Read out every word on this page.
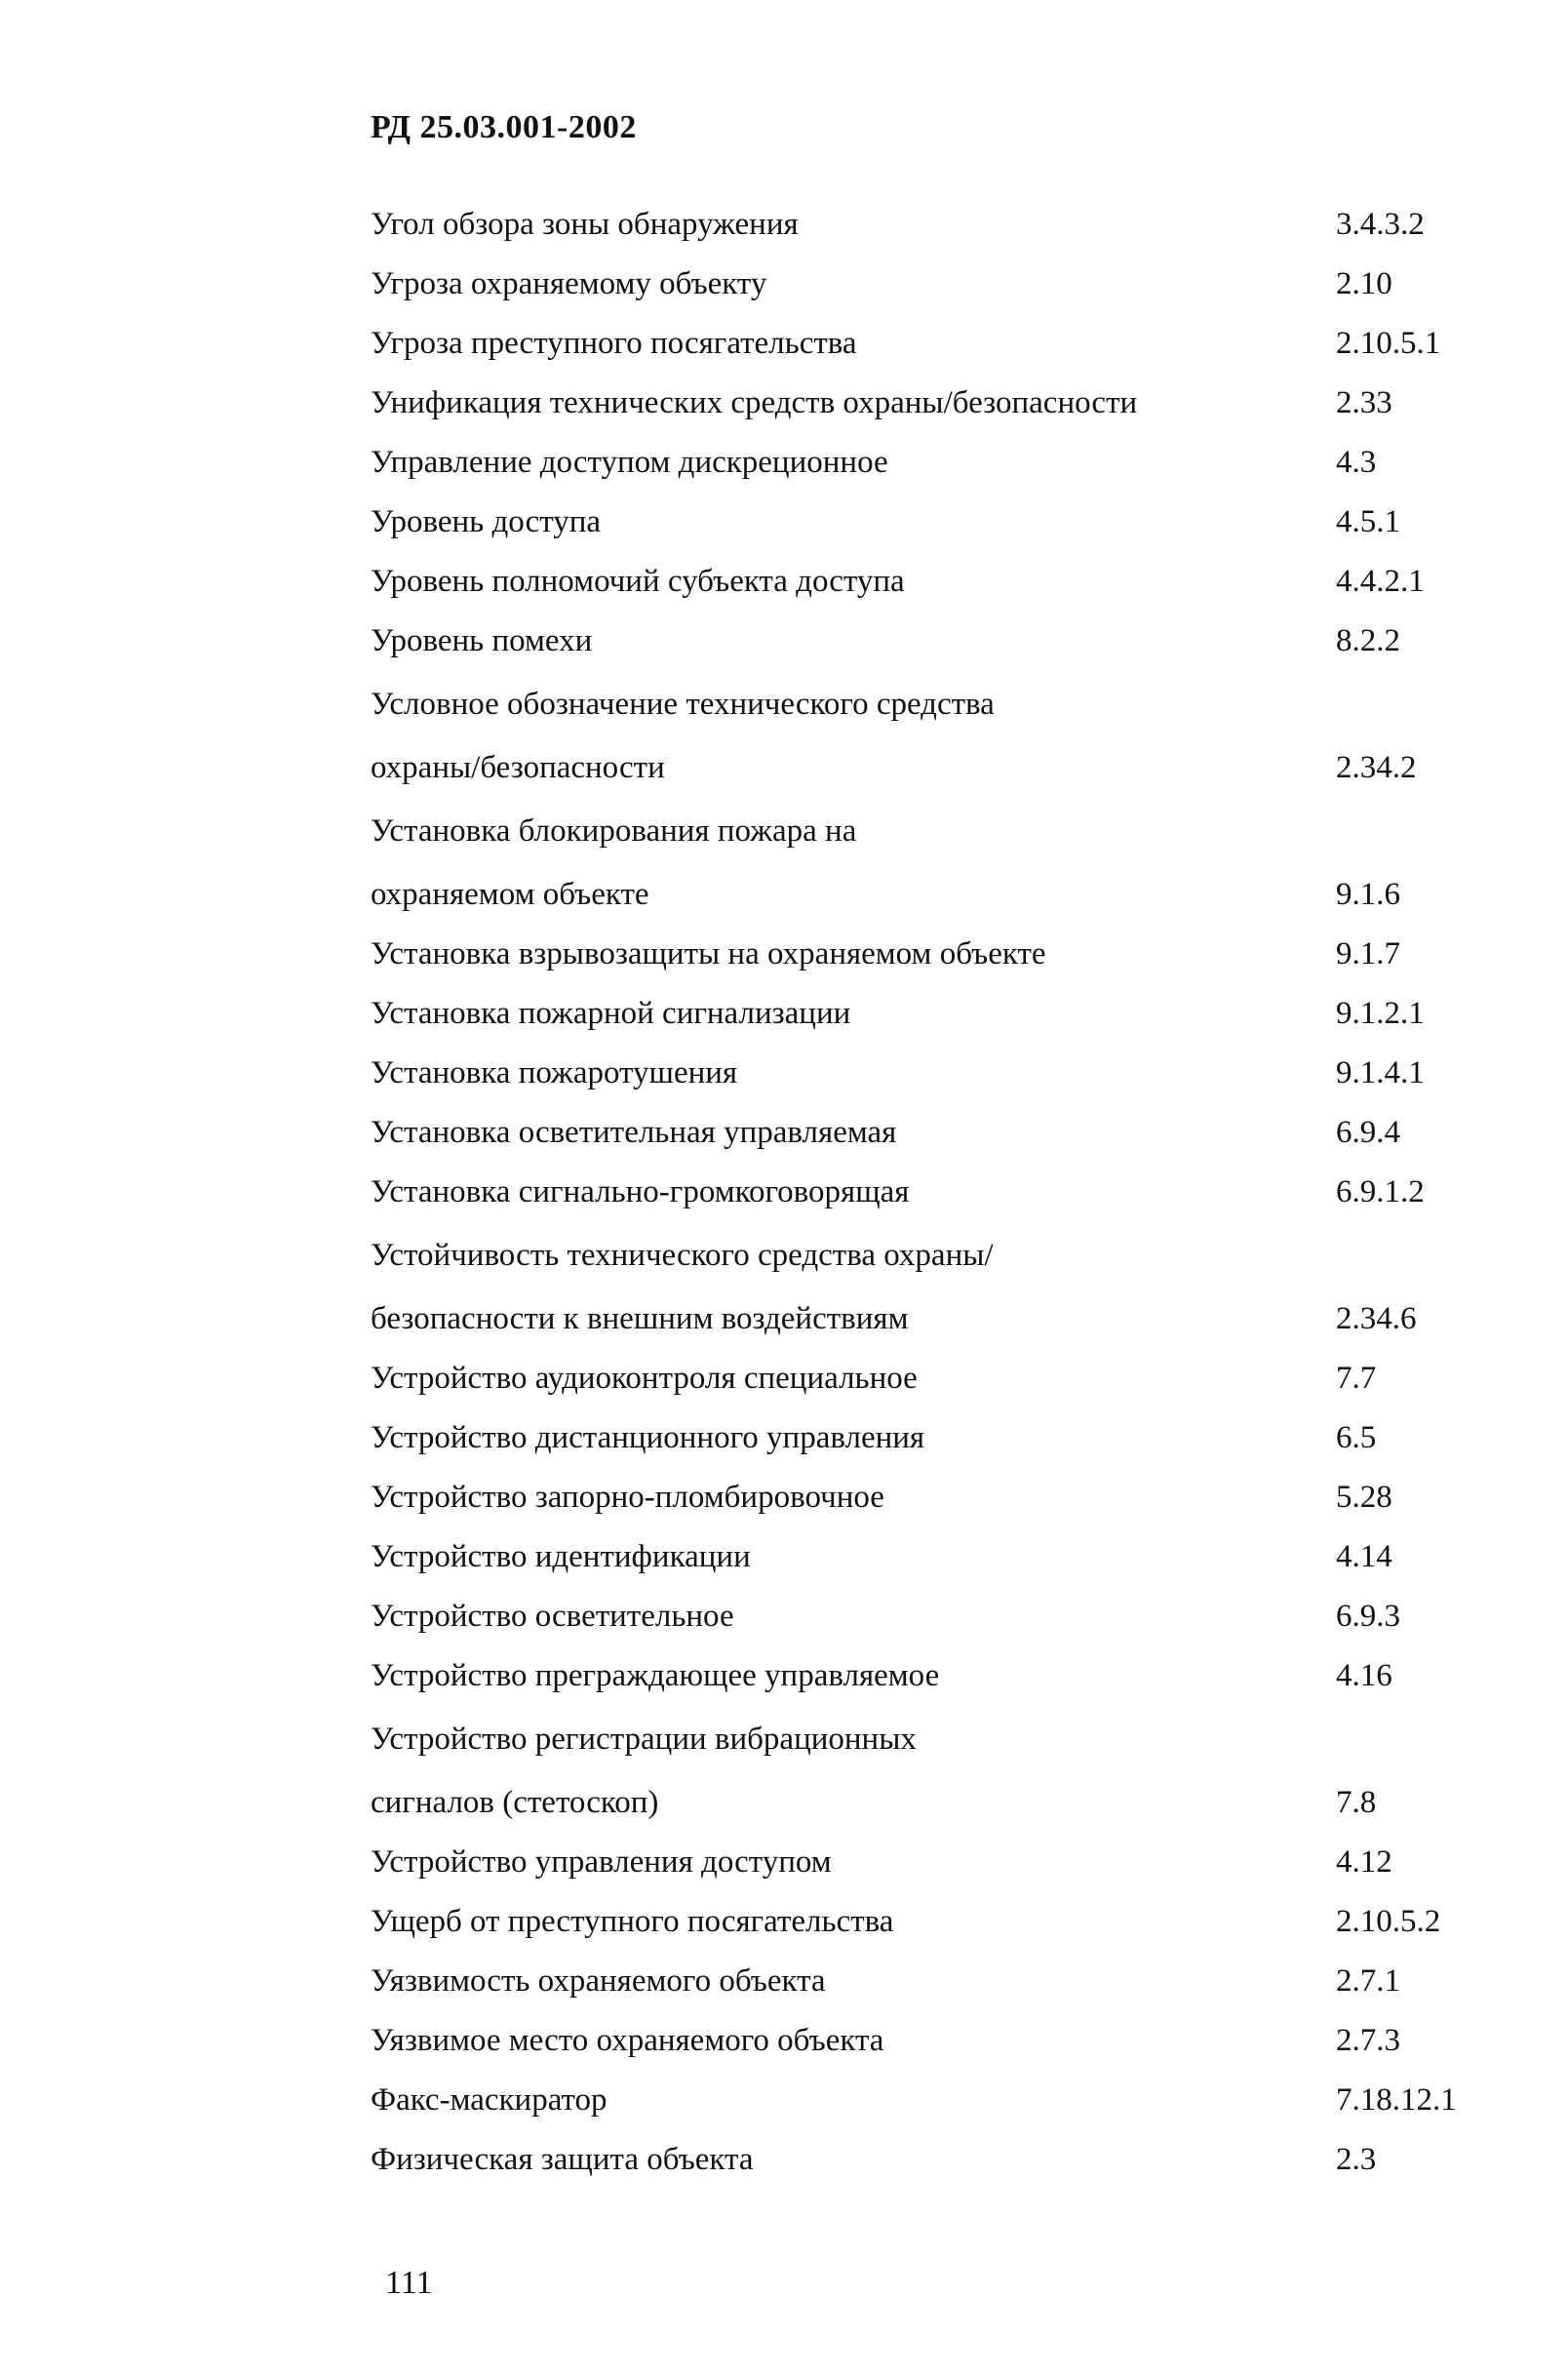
РД 25.03.001-2002
Угол обзора зоны обнаружения	3.4.3.2
Угроза охраняемому объекту	2.10
Угроза преступного посягательства	2.10.5.1
Унификация технических средств охраны/безопасности	2.33
Управление доступом дискреционное	4.3
Уровень доступа	4.5.1
Уровень полномочий субъекта доступа	4.4.2.1
Уровень помехи	8.2.2
Условное обозначение технического средства
охраны/безопасности	2.34.2
Установка блокирования пожара на
охраняемом объекте	9.1.6
Установка взрывозащиты на охраняемом объекте	9.1.7
Установка пожарной сигнализации	9.1.2.1
Установка пожаротушения	9.1.4.1
Установка осветительная управляемая	6.9.4
Установка сигнально-громкоговорящая	6.9.1.2
Устойчивость технического средства охраны/
безопасности к внешним воздействиям	2.34.6
Устройство аудиоконтроля специальное	7.7
Устройство дистанционного управления	6.5
Устройство запорно-пломбировочное	5.28
Устройство идентификации	4.14
Устройство осветительное	6.9.3
Устройство преграждающее управляемое	4.16
Устройство регистрации вибрационных
сигналов (стетоскоп)	7.8
Устройство управления доступом	4.12
Ущерб от преступного посягательства	2.10.5.2
Уязвимость охраняемого объекта	2.7.1
Уязвимое место охраняемого объекта	2.7.3
Факс-маскиратор	7.18.12.1
Физическая защита объекта	2.3
111
